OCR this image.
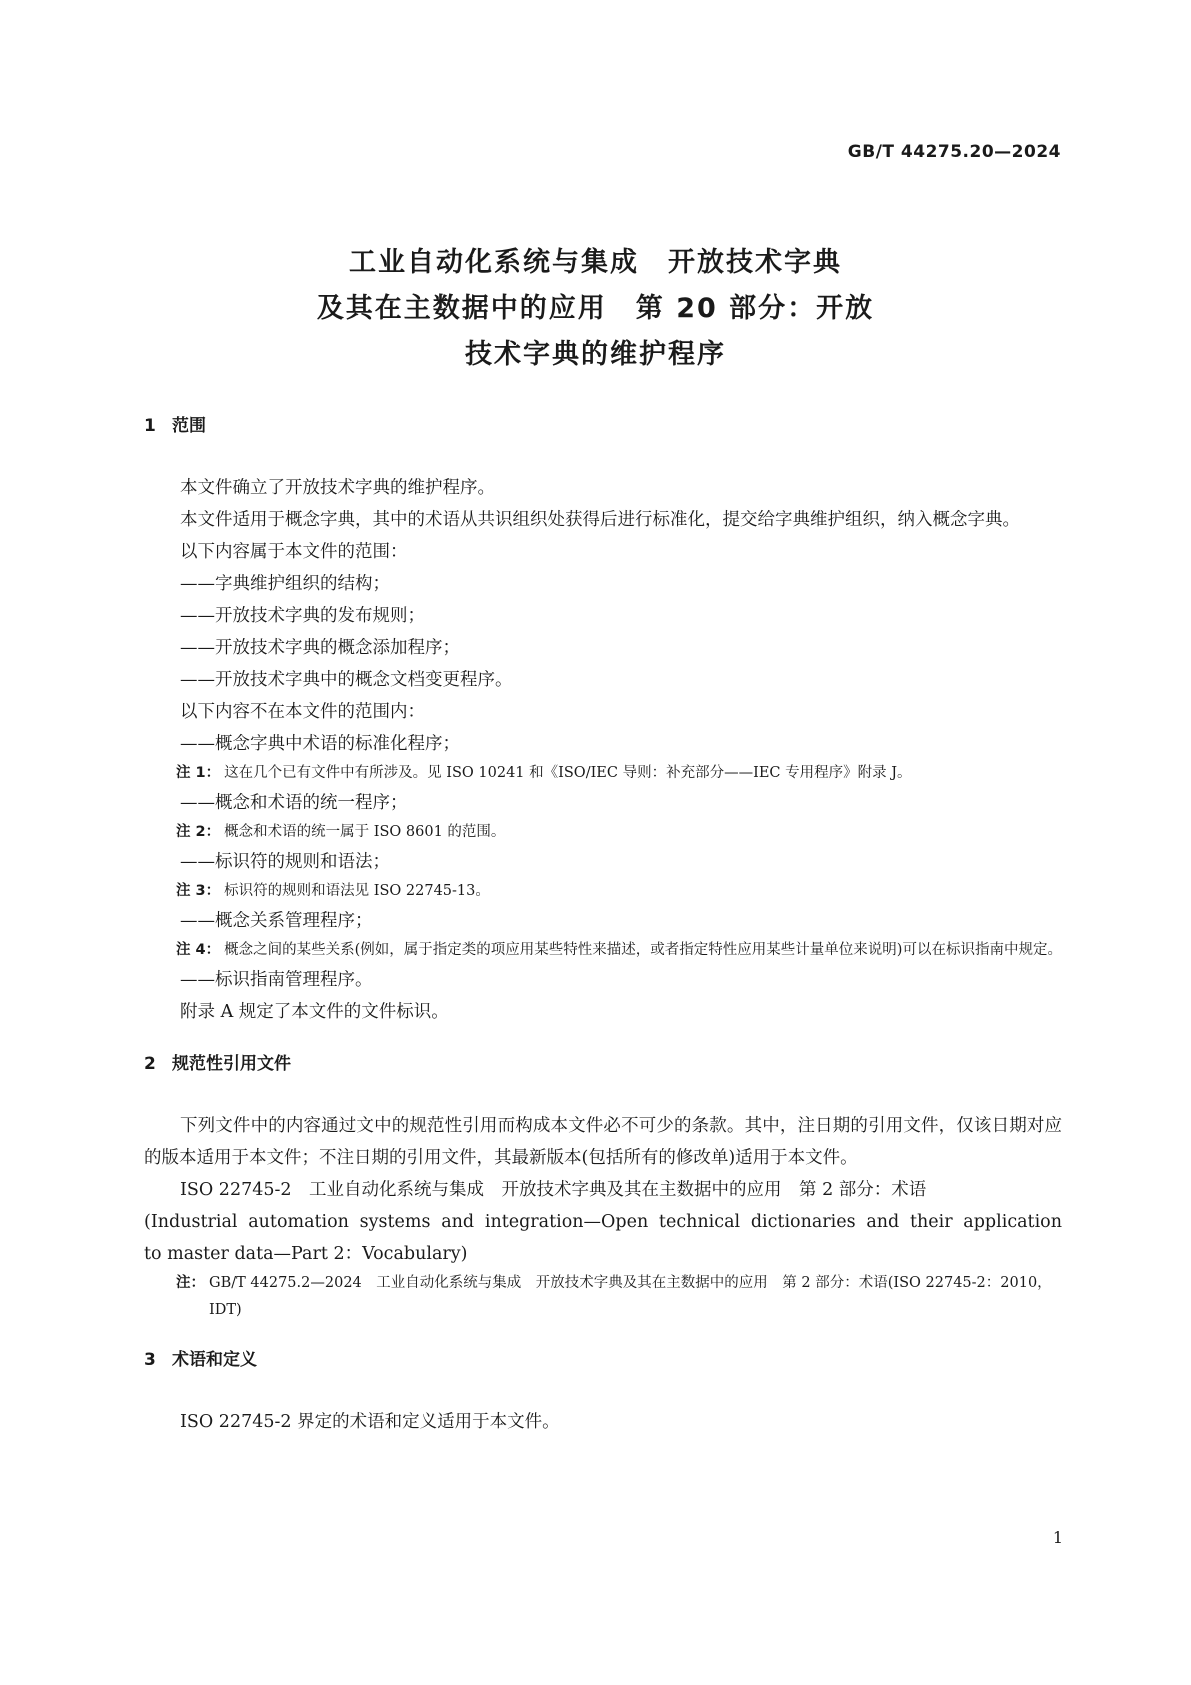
GB/T 44275.20—2024
工业自动化系统与集成　开放技术字典
及其在主数据中的应用　第 20 部分：开放
技术字典的维护程序
1 范围
本文件确立了开放技术字典的维护程序。
本文件适用于概念字典，其中的术语从共识组织处获得后进行标准化，提交给字典维护组织，纳入概念字典。
以下内容属于本文件的范围：
——字典维护组织的结构；
——开放技术字典的发布规则；
——开放技术字典的概念添加程序；
——开放技术字典中的概念文档变更程序。
以下内容不在本文件的范围内：
——概念字典中术语的标准化程序；
注 1： 这在几个已有文件中有所涉及。见 ISO 10241 和《ISO/IEC 导则：补充部分——IEC 专用程序》附录 J。
——概念和术语的统一程序；
注 2： 概念和术语的统一属于 ISO 8601 的范围。
——标识符的规则和语法；
注 3： 标识符的规则和语法见 ISO 22745-13。
——概念关系管理程序；
注 4： 概念之间的某些关系(例如，属于指定类的项应用某些特性来描述，或者指定特性应用某些计量单位来说明)可以在标识指南中规定。
——标识指南管理程序。
附录 A 规定了本文件的文件标识。
2 规范性引用文件
下列文件中的内容通过文中的规范性引用而构成本文件必不可少的条款。其中，注日期的引用文件，仅该日期对应的版本适用于本文件；不注日期的引用文件，其最新版本(包括所有的修改单)适用于本文件。
ISO 22745-2　工业自动化系统与集成　开放技术字典及其在主数据中的应用　第 2 部分：术语
(Industrial automation systems and integration—Open technical dictionaries and their application
to master data—Part 2：Vocabulary)
注： GB/T 44275.2—2024　工业自动化系统与集成　开放技术字典及其在主数据中的应用　第 2 部分：术语(ISO 22745-2：2010，IDT)
3 术语和定义
ISO 22745-2 界定的术语和定义适用于本文件。
1
